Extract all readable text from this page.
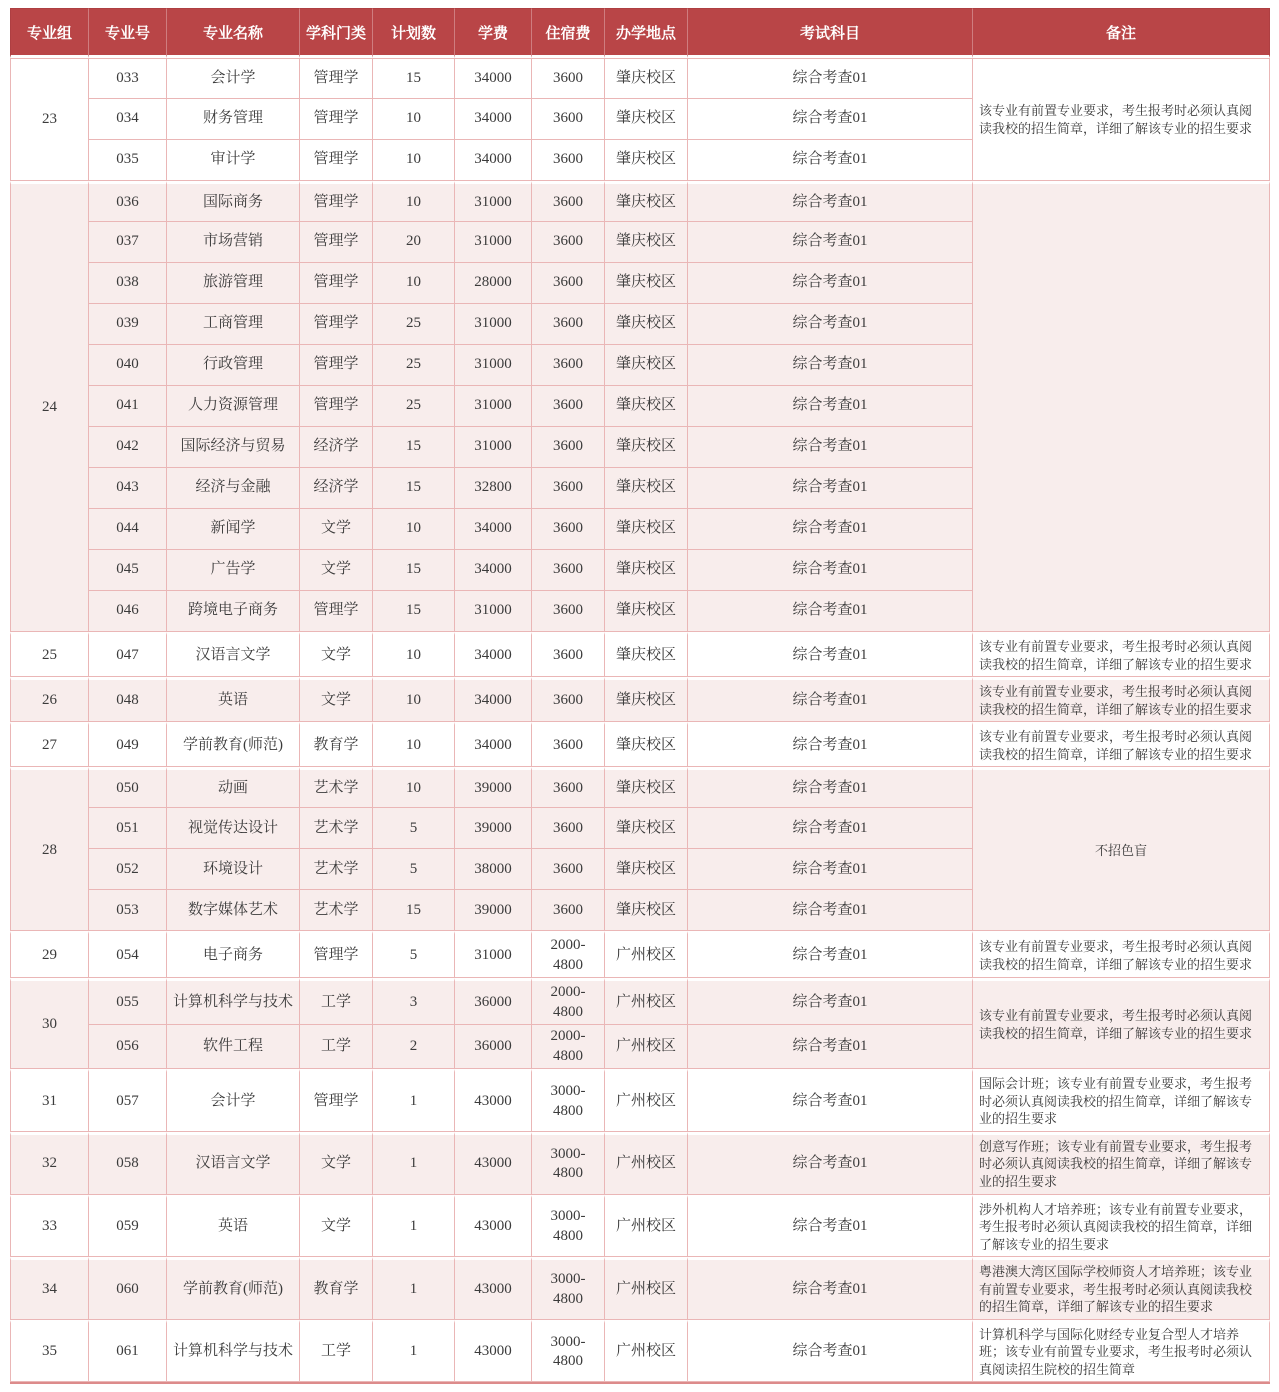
专业组	专业号	专业名称	学科门类	计划数	学费	住宿费	办学地点	考试科目	备注
23	033	会计学	管理学	15	34000	3600	肇庆校区	综合考查01	该专业有前置专业要求，考生报考时必须认真阅读我校的招生简章，详细了解该专业的招生要求
	034	财务管理	管理学	10	34000	3600	肇庆校区	综合考查01	
	035	审计学	管理学	10	34000	3600	肇庆校区	综合考查01	
24	036	国际商务	管理学	10	31000	3600	肇庆校区	综合考查01	
	037	市场营销	管理学	20	31000	3600	肇庆校区	综合考查01	
	038	旅游管理	管理学	10	28000	3600	肇庆校区	综合考查01	
	039	工商管理	管理学	25	31000	3600	肇庆校区	综合考查01	
	040	行政管理	管理学	25	31000	3600	肇庆校区	综合考查01	
	041	人力资源管理	管理学	25	31000	3600	肇庆校区	综合考查01	
	042	国际经济与贸易	经济学	15	31000	3600	肇庆校区	综合考查01	
	043	经济与金融	经济学	15	32800	3600	肇庆校区	综合考查01	
	044	新闻学	文学	10	34000	3600	肇庆校区	综合考查01	
	045	广告学	文学	15	34000	3600	肇庆校区	综合考查01	
	046	跨境电子商务	管理学	15	31000	3600	肇庆校区	综合考查01	
25	047	汉语言文学	文学	10	34000	3600	肇庆校区	综合考查01	该专业有前置专业要求，考生报考时必须认真阅读我校的招生简章，详细了解该专业的招生要求
26	048	英语	文学	10	34000	3600	肇庆校区	综合考查01	该专业有前置专业要求，考生报考时必须认真阅读我校的招生简章，详细了解该专业的招生要求
27	049	学前教育(师范)	教育学	10	34000	3600	肇庆校区	综合考查01	该专业有前置专业要求，考生报考时必须认真阅读我校的招生简章，详细了解该专业的招生要求
28	050	动画	艺术学	10	39000	3600	肇庆校区	综合考查01	不招色盲
	051	视觉传达设计	艺术学	5	39000	3600	肇庆校区	综合考查01	
	052	环境设计	艺术学	5	38000	3600	肇庆校区	综合考查01	
	053	数字媒体艺术	艺术学	15	39000	3600	肇庆校区	综合考查01	
29	054	电子商务	管理学	5	31000	2000-4800	广州校区	综合考查01	该专业有前置专业要求，考生报考时必须认真阅读我校的招生简章，详细了解该专业的招生要求
30	055	计算机科学与技术	工学	3	36000	2000-4800	广州校区	综合考查01	该专业有前置专业要求，考生报考时必须认真阅读我校的招生简章，详细了解该专业的招生要求
	056	软件工程	工学	2	36000	2000-4800	广州校区	综合考查01	
31	057	会计学	管理学	1	43000	3000-4800	广州校区	综合考查01	国际会计班；该专业有前置专业要求，考生报考时必须认真阅读我校的招生简章，详细了解该专业的招生要求
32	058	汉语言文学	文学	1	43000	3000-4800	广州校区	综合考查01	创意写作班；该专业有前置专业要求，考生报考时必须认真阅读我校的招生简章，详细了解该专业的招生要求
33	059	英语	文学	1	43000	3000-4800	广州校区	综合考查01	涉外机构人才培养班；该专业有前置专业要求，考生报考时必须认真阅读我校的招生简章，详细了解该专业的招生要求
34	060	学前教育(师范)	教育学	1	43000	3000-4800	广州校区	综合考查01	粤港澳大湾区国际学校师资人才培养班；该专业有前置专业要求，考生报考时必须认真阅读我校的招生简章，详细了解该专业的招生要求
35	061	计算机科学与技术	工学	1	43000	3000-4800	广州校区	综合考查01	计算机科学与国际化财经专业复合型人才培养班；该专业有前置专业要求，考生报考时必须认真阅读招生院校的招生简章
